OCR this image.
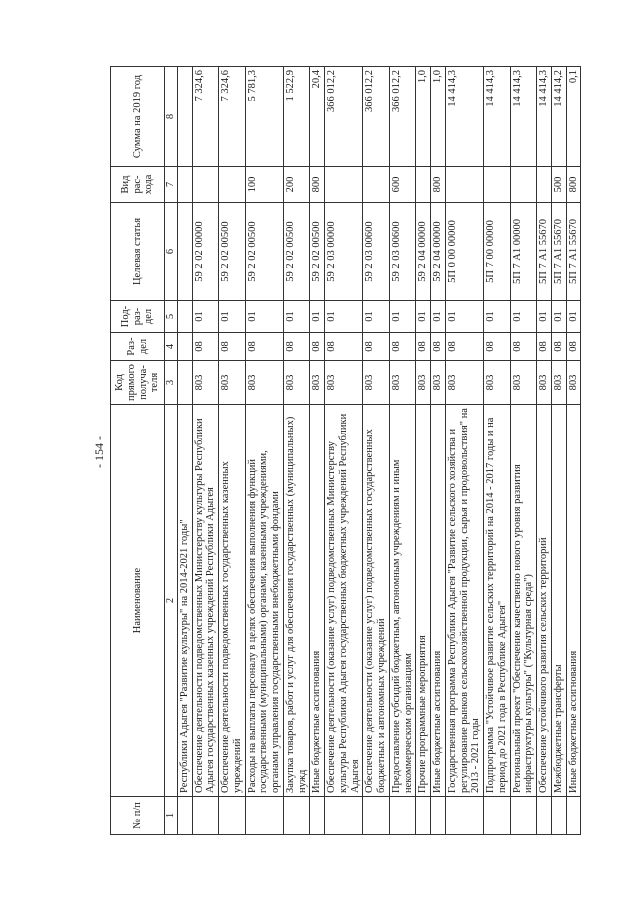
- 154 -
№ п/п	Наименование	Код прямого получа-теля	Раз-дел	Под-раз-дел	Целевая статья	Вид рас-хода	Сумма на 2019 год
1	2	3	4	5	6	7	8
	Республики Адыгея "Развитие культуры" на 2014-2021 годы"						
	Обеспечение деятельности подведомственных Министерству культуры Республики Адыгея государственных казенных учреждений Республики Адыгея	803	08	01	59 2 02 00000		7 324,6
	Обеспечение деятельности подведомственных государственных казенных учреждений	803	08	01	59 2 02 00500		7 324,6
	Расходы на выплаты персоналу в целях обеспечения выполнения функций государственными (муниципальными) органами, казенными учреждениями, органами управления государственными внебюджетными фондами	803	08	01	59 2 02 00500	100	5 781,3
	Закупка товаров, работ и услуг для обеспечения государственных (муниципальных) нужд	803	08	01	59 2 02 00500	200	1 522,9
	Иные бюджетные ассигнования	803	08	01	59 2 02 00500	800	20,4
	Обеспечение деятельности (оказание услуг) подведомственных Министерству культуры Республики Адыгея государственных бюджетных учреждений Республики Адыгея	803	08	01	59 2 03 00000		366 012,2
	Обеспечение деятельности (оказание услуг) подведомственных государственных бюджетных и автономных учреждений	803	08	01	59 2 03 00600		366 012,2
	Предоставление субсидий бюджетным, автономным учреждениям и иным некоммерческим организациям	803	08	01	59 2 03 00600	600	366 012,2
	Прочие программные мероприятия	803	08	01	59 2 04 00000		1,0
	Иные бюджетные ассигнования	803	08	01	59 2 04 00000	800	1,0
	Государственная программа Республики Адыгея "Развитие сельского хозяйства и регулирование рынков сельскохозяйственной продукции, сырья и продовольствия" на 2013 - 2021 годы	803	08	01	5П 0 00 00000		14 414,3
	Подпрограмма "Устойчивое развитие сельских территорий на 2014 - 2017 годы и на период до 2021 года в Республике Адыгея"	803	08	01	5П 7 00 00000		14 414,3
	Региональный проект "Обеспечение качественно нового уровня развития инфраструктуры культуры" ("Культурная среда")	803	08	01	5П 7 A1 00000		14 414,3
	Обеспечение устойчивого развития сельских территорий	803	08	01	5П 7 A1 55670		14 414,3
	Межбюджетные трансферты	803	08	01	5П 7 A1 55670	500	14 414,2
	Иные бюджетные ассигнования	803	08	01	5П 7 A1 55670	800	0,1
